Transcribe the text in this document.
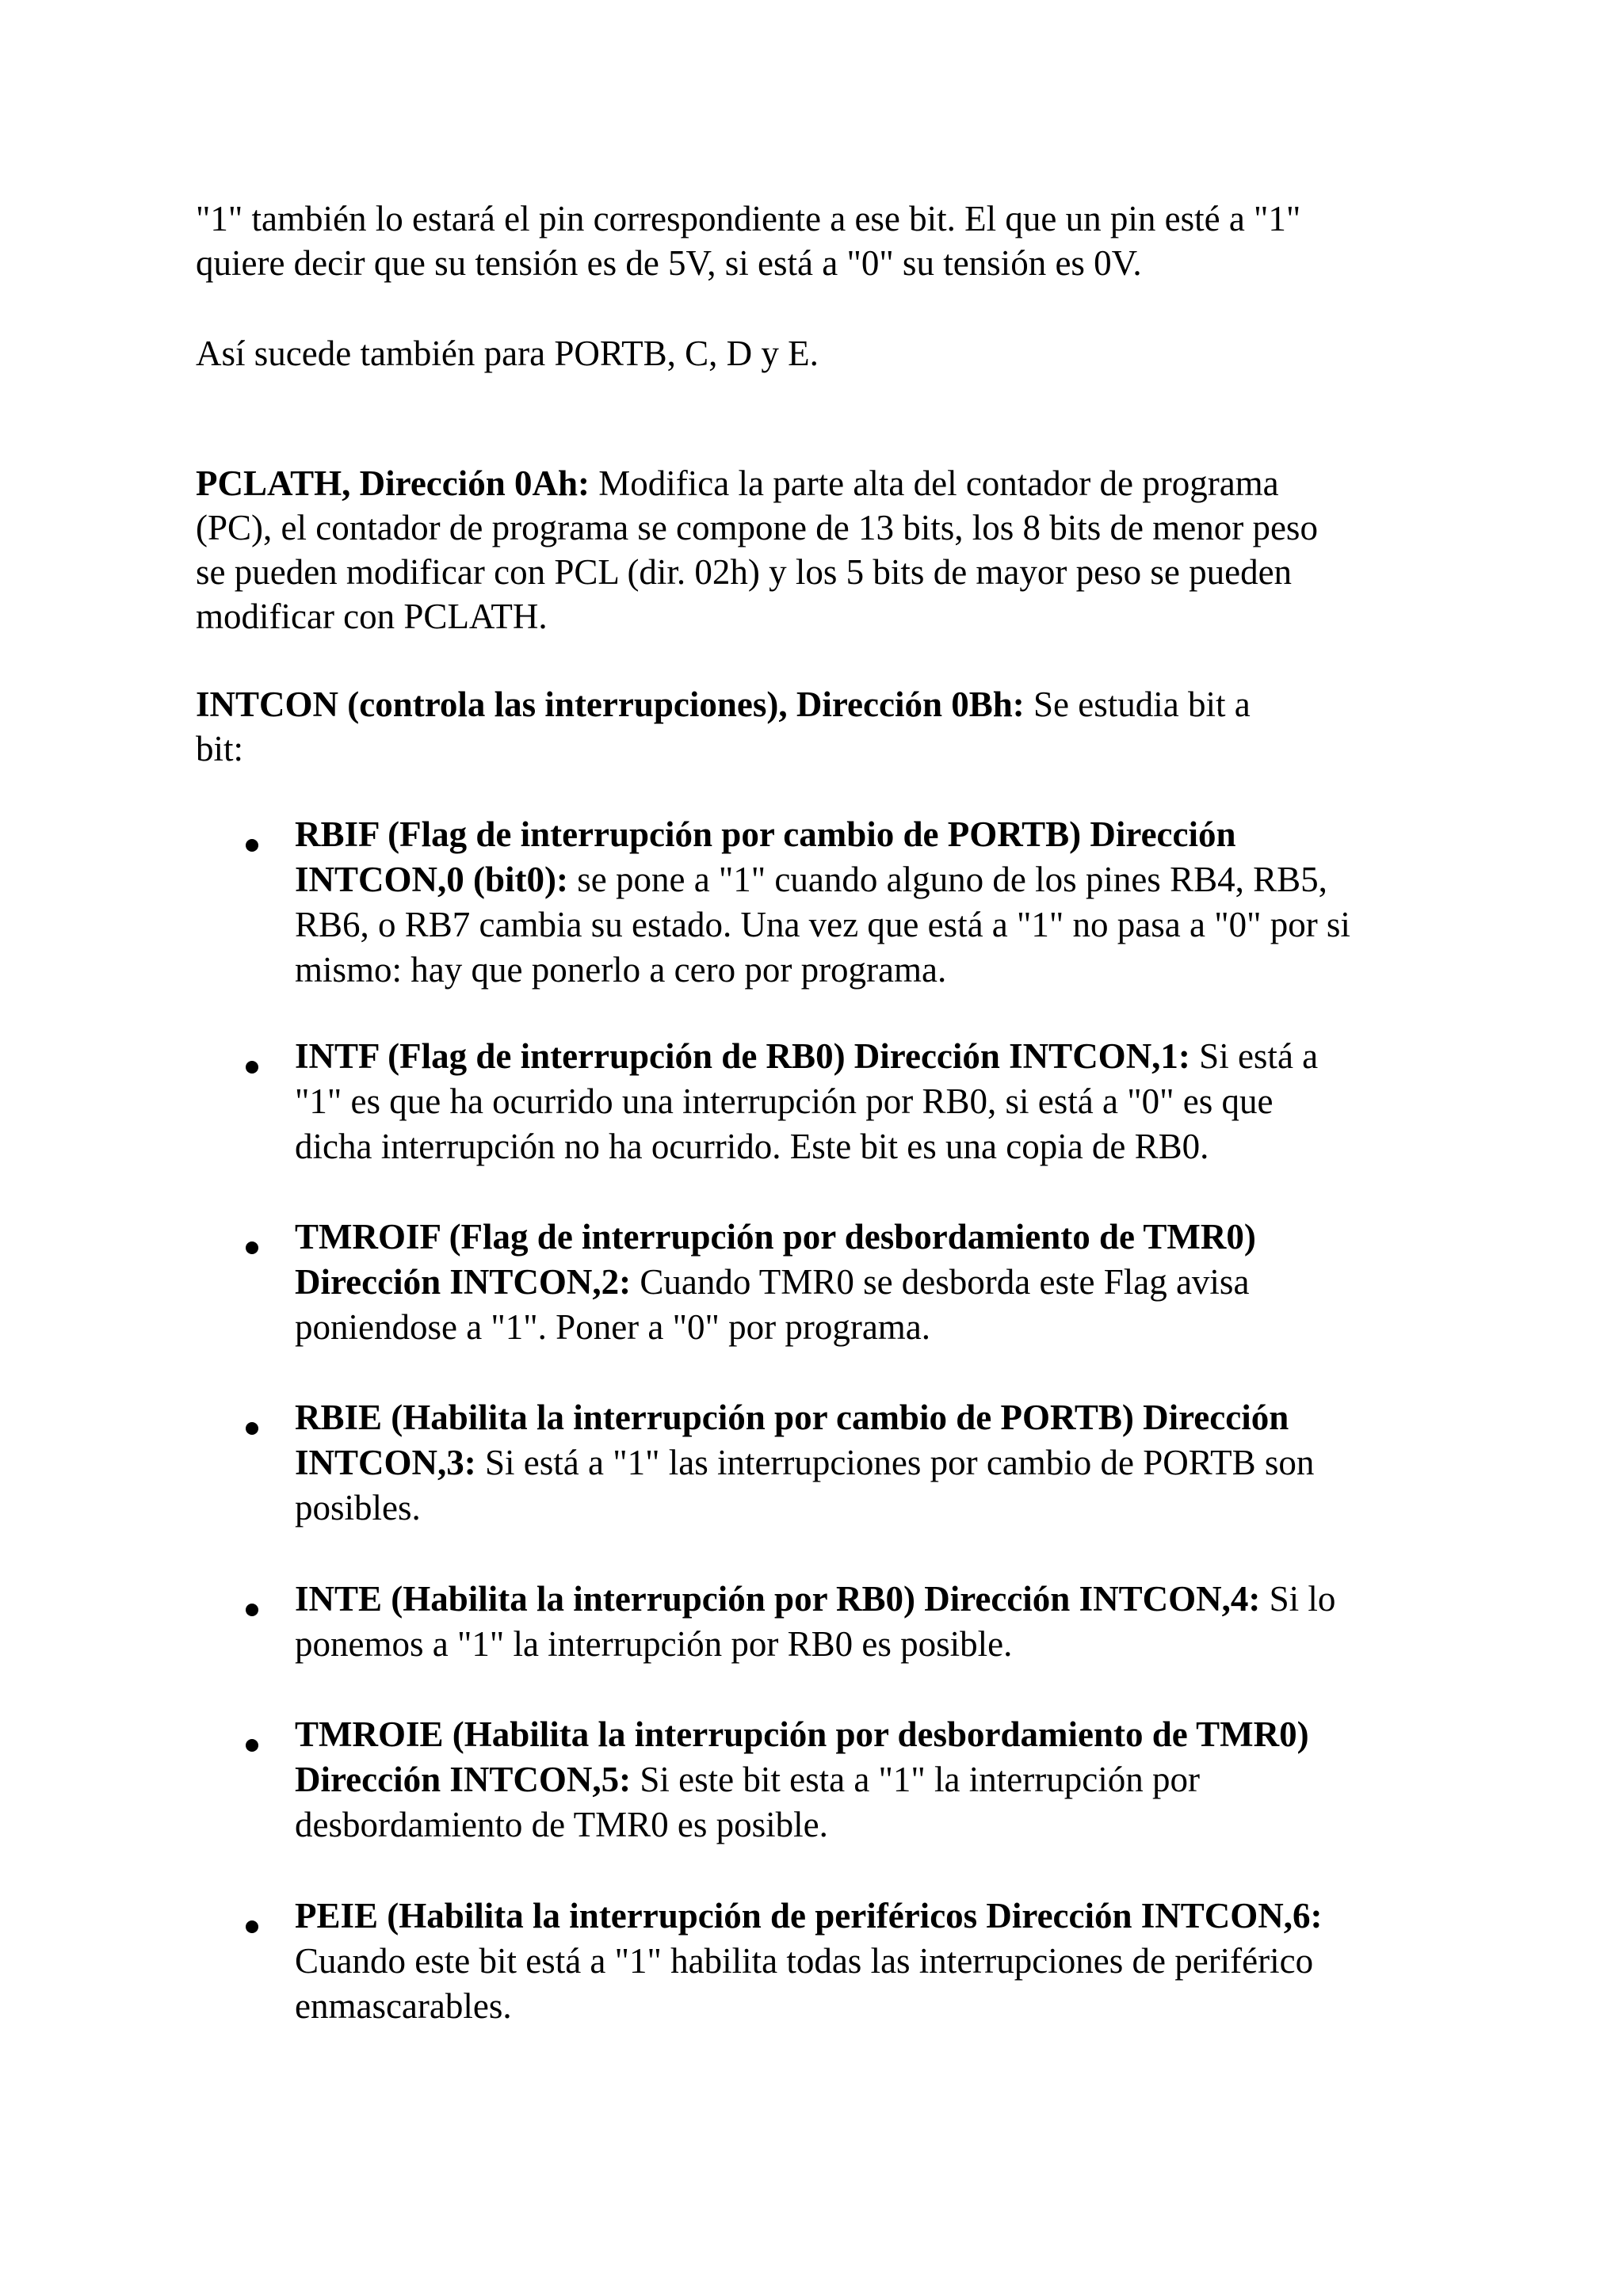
"1" también lo estará el pin correspondiente a ese bit. El que un pin esté a "1"
quiere decir que su tensión es de 5V, si está a "0" su tensión es 0V.

Así sucede también para PORTB, C, D y E.

PCLATH, Dirección 0Ah: Modifica la parte alta del contador de programa
(PC), el contador de programa se compone de 13 bits, los 8 bits de menor peso
se pueden modificar con PCL (dir. 02h) y los 5 bits de mayor peso se pueden
modificar con PCLATH.

INTCON (controla las interrupciones), Dirección 0Bh: Se estudia bit a
bit:

RBIF (Flag de interrupción por cambio de PORTB) Dirección
INTCON,0 (bit0): se pone a "1" cuando alguno de los pines RB4, RB5,
RB6, o RB7 cambia su estado. Una vez que está a "1" no pasa a "0" por si
mismo: hay que ponerlo a cero por programa.

INTF (Flag de interrupción de RB0) Dirección INTCON,1: Si está a
"1" es que ha ocurrido una interrupción por RB0, si está a "0" es que
dicha interrupción no ha ocurrido. Este bit es una copia de RB0.

TMROIF (Flag de interrupción por desbordamiento de TMR0)
Dirección INTCON,2: Cuando TMR0 se desborda este Flag avisa
poniendose a "1". Poner a "0" por programa.

RBIE (Habilita la interrupción por cambio de PORTB) Dirección
INTCON,3: Si está a "1" las interrupciones por cambio de PORTB son
posibles.

INTE (Habilita la interrupción por RB0) Dirección INTCON,4: Si lo
ponemos a "1" la interrupción por RB0 es posible.

TMROIE (Habilita la interrupción por desbordamiento de TMR0)
Dirección INTCON,5: Si este bit esta a "1" la interrupción por
desbordamiento de TMR0 es posible.

PEIE (Habilita la interrupción de periféricos Dirección INTCON,6:
Cuando este bit está a "1" habilita todas las interrupciones de periférico
enmascarables.
